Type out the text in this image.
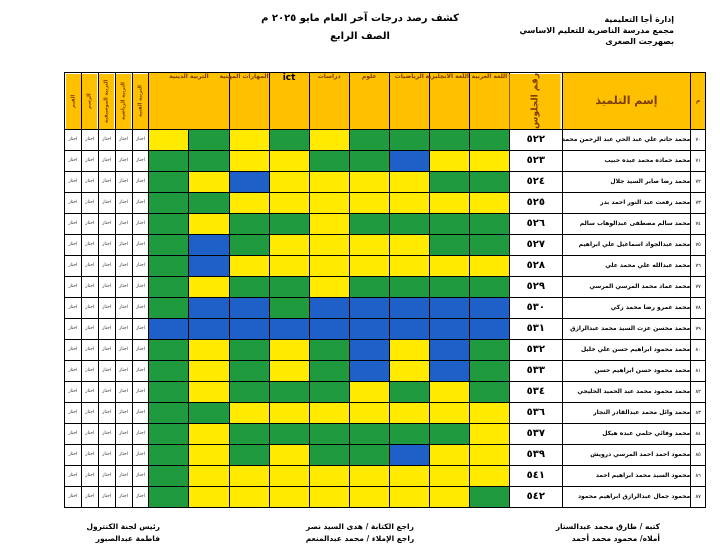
إدارة أجا التعليمية
مجمع مدرسة الناصرية للتعليم الاساسي
بصهرجت الصغرى
كشف رصد درجات آخر العام مايو ٢٠٢٥ م
الصف الرابع
م	إسم التلميذ	رقم الجلوس	اللغة العربية	اللغة الانجليزية	الرياضيات	علوم	دراسات	ict	المهارات المهنية	التربية الدينية		التربية الفنية	التربية الرياضية	التربية الموسيقية	الرسم	القيم
٧٠	محمد حاتم علي عبد الحي عبد الرحمن محمد	٥٢٢										اجتاز	اجتاز	اجتاز	اجتاز	اجتاز
٧١	محمد حماده محمد عبده حبيب	٥٢٣										اجتاز	اجتاز	اجتاز	اجتاز	اجتاز
٧٢	محمد رضا صابر السيد جلال	٥٢٤										اجتاز	اجتاز	اجتاز	اجتاز	اجتاز
٧٣	محمد رفعت عبد النور احمد بدر	٥٢٥										اجتاز	اجتاز	اجتاز	اجتاز	اجتاز
٧٤	محمد سالم مصطفى عبدالوهاب سالم	٥٢٦										اجتاز	اجتاز	اجتاز	اجتاز	اجتاز
٧٥	محمد عبدالجواد اسماعيل علي ابراهيم	٥٢٧										اجتاز	اجتاز	اجتاز	اجتاز	اجتاز
٧٦	محمد عبدالله علي محمد علي	٥٢٨										اجتاز	اجتاز	اجتاز	اجتاز	اجتاز
٧٧	محمد عماد محمد المرسي المرسي	٥٢٩										اجتاز	اجتاز	اجتاز	اجتاز	اجتاز
٧٨	محمد عمرو رضا محمد زكي	٥٣٠										اجتاز	اجتاز	اجتاز	اجتاز	اجتاز
٧٩	محمد محسن عزت السيد محمد عبدالرازق	٥٣١										اجتاز	اجتاز	اجتاز	اجتاز	اجتاز
٨٠	محمد محمود ابراهيم حسن علي خليل	٥٣٢										اجتاز	اجتاز	اجتاز	اجتاز	اجتاز
٨١	محمد محمود حسن ابراهيم حسن	٥٣٣										اجتاز	اجتاز	اجتاز	اجتاز	اجتاز
٨٢	محمد محمود محمد عبد الحميد الحليجي	٥٣٤										اجتاز	اجتاز	اجتاز	اجتاز	اجتاز
٨٣	محمد وائل محمد عبدالقادر النجار	٥٣٦										اجتاز	اجتاز	اجتاز	اجتاز	اجتاز
٨٤	محمد وفائي حلمي عبده هيكل	٥٣٧										اجتاز	اجتاز	اجتاز	اجتاز	اجتاز
٨٥	محمود احمد احمد المرسي درويش	٥٣٩										اجتاز	اجتاز	اجتاز	اجتاز	اجتاز
٨٦	محمود السيد محمد ابراهيم احمد	٥٤١										اجتاز	اجتاز	اجتاز	اجتاز	اجتاز
٨٧	محمود جمال عبدالرازق ابراهيم محمود	٥٤٢										اجتاز	اجتاز	اجتاز	اجتاز	اجتاز
كتبه / طارق محمد عبدالستار
أملاه/ محمود محمد أحمد
راجع الكتابة / هدى السيد نصر
راجع الإملاء / محمد عبدالمنعم
رئيس لجنة الكنترول
فاطمة عبدالصبور
